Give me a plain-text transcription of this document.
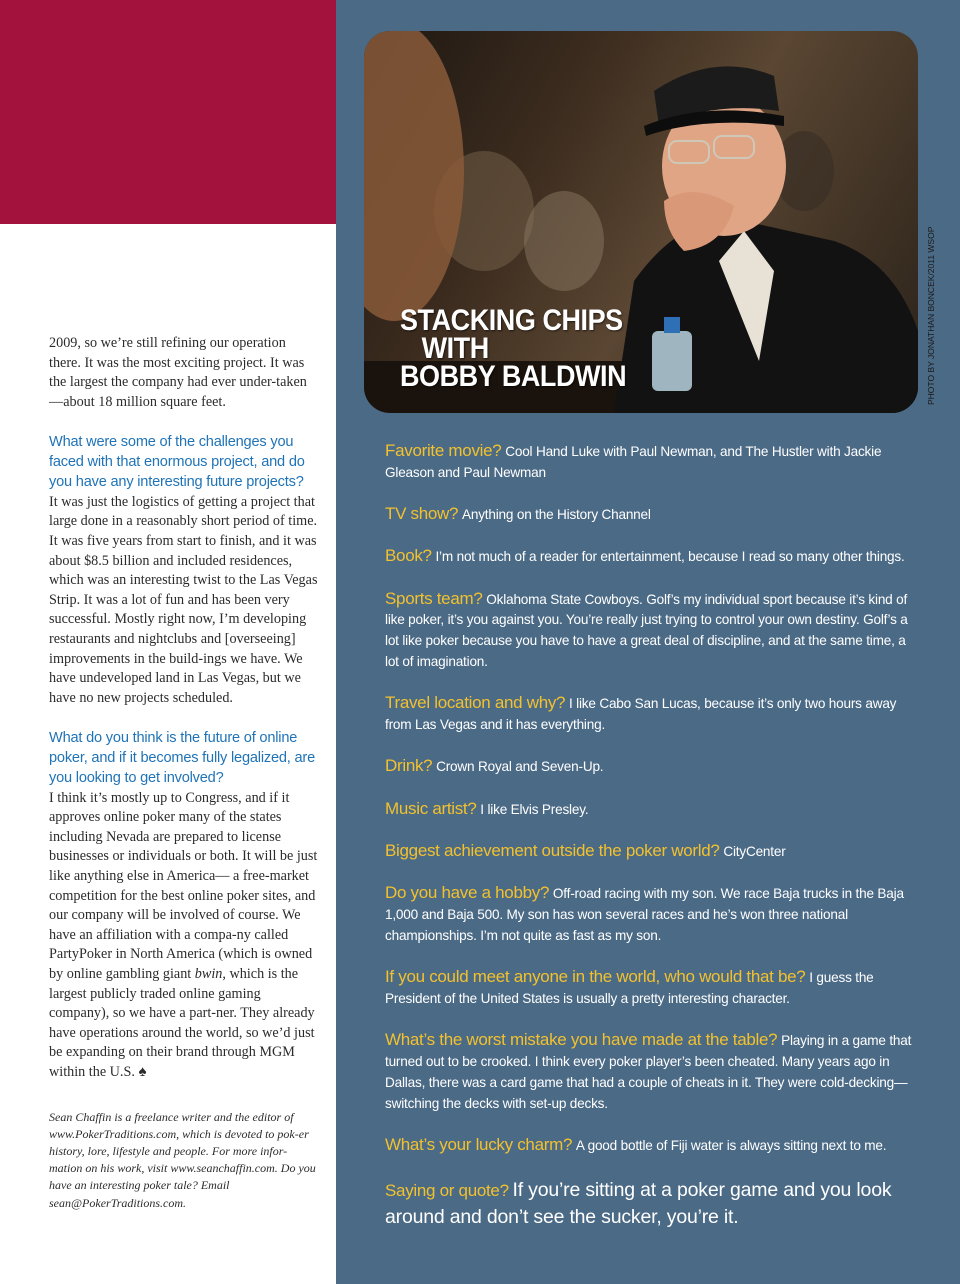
2009, so we’re still refining our operation there. It was the most exciting project. It was the largest the company had ever under-taken—about 18 million square feet.

What were some of the challenges you faced with that enormous project, and do you have any interesting future projects?

It was just the logistics of getting a project that large done in a reasonably short period of time. It was five years from start to finish, and it was about $8.5 billion and included residences, which was an interesting twist to the Las Vegas Strip. It was a lot of fun and has been very successful. Mostly right now, I’m developing restaurants and nightclubs and [overseeing] improvements in the build-ings we have. We have undeveloped land in Las Vegas, but we have no new projects scheduled.

What do you think is the future of online poker, and if it becomes fully legalized, are you looking to get involved?

I think it’s mostly up to Congress, and if it approves online poker many of the states including Nevada are prepared to license businesses or individuals or both. It will be just like anything else in America— a free-market competition for the best online poker sites, and our company will be involved of course. We have an affiliation with a compa-ny called PartyPoker in North America (which is owned by online gambling giant bwin, which is the largest publicly traded online gaming company), so we have a part-ner. They already have operations around the world, so we’d just be expanding on their brand through MGM within the U.S. ♠

Sean Chaffin is a freelance writer and the editor of www.PokerTraditions.com, which is devoted to pok-er history, lore, lifestyle and people. For more infor-mation on his work, visit www.seanchaffin.com. Do you have an interesting poker tale? Email sean@PokerTraditions.com.

STACKING CHIPS
WITH
BOBBY BALDWIN	PHOTO BY JONATHAN BONCEK/2011 WSOP
Favorite movie? Cool Hand Luke with Paul Newman, and The Hustler with Jackie Gleason and Paul Newman
TV show? Anything on the History Channel
Book? I’m not much of a reader for entertainment, because I read so many other things.
Sports team? Oklahoma State Cowboys. Golf’s my individual sport because it’s kind of like poker, it’s you against you. You’re really just trying to control your own destiny. Golf’s a lot like poker because you have to have a great deal of discipline, and at the same time, a lot of imagination.
Travel location and why? I like Cabo San Lucas, because it’s only two hours away from Las Vegas and it has everything.
Drink? Crown Royal and Seven-Up.
Music artist? I like Elvis Presley.
Biggest achievement outside the poker world? CityCenter
Do you have a hobby? Off-road racing with my son. We race Baja trucks in the Baja 1,000 and Baja 500. My son has won several races and he’s won three national championships. I’m not quite as fast as my son.
If you could meet anyone in the world, who would that be? I guess the President of the United States is usually a pretty interesting character.
What’s the worst mistake you have made at the table? Playing in a game that turned out to be crooked. I think every poker player’s been cheated. Many years ago in Dallas, there was a card game that had a couple of cheats in it. They were cold-decking—switching the decks with set-up decks.
What’s your lucky charm? A good bottle of Fiji water is always sitting next to me.
Saying or quote? If you’re sitting at a poker game and you look around and don’t see the sucker, you’re it.
